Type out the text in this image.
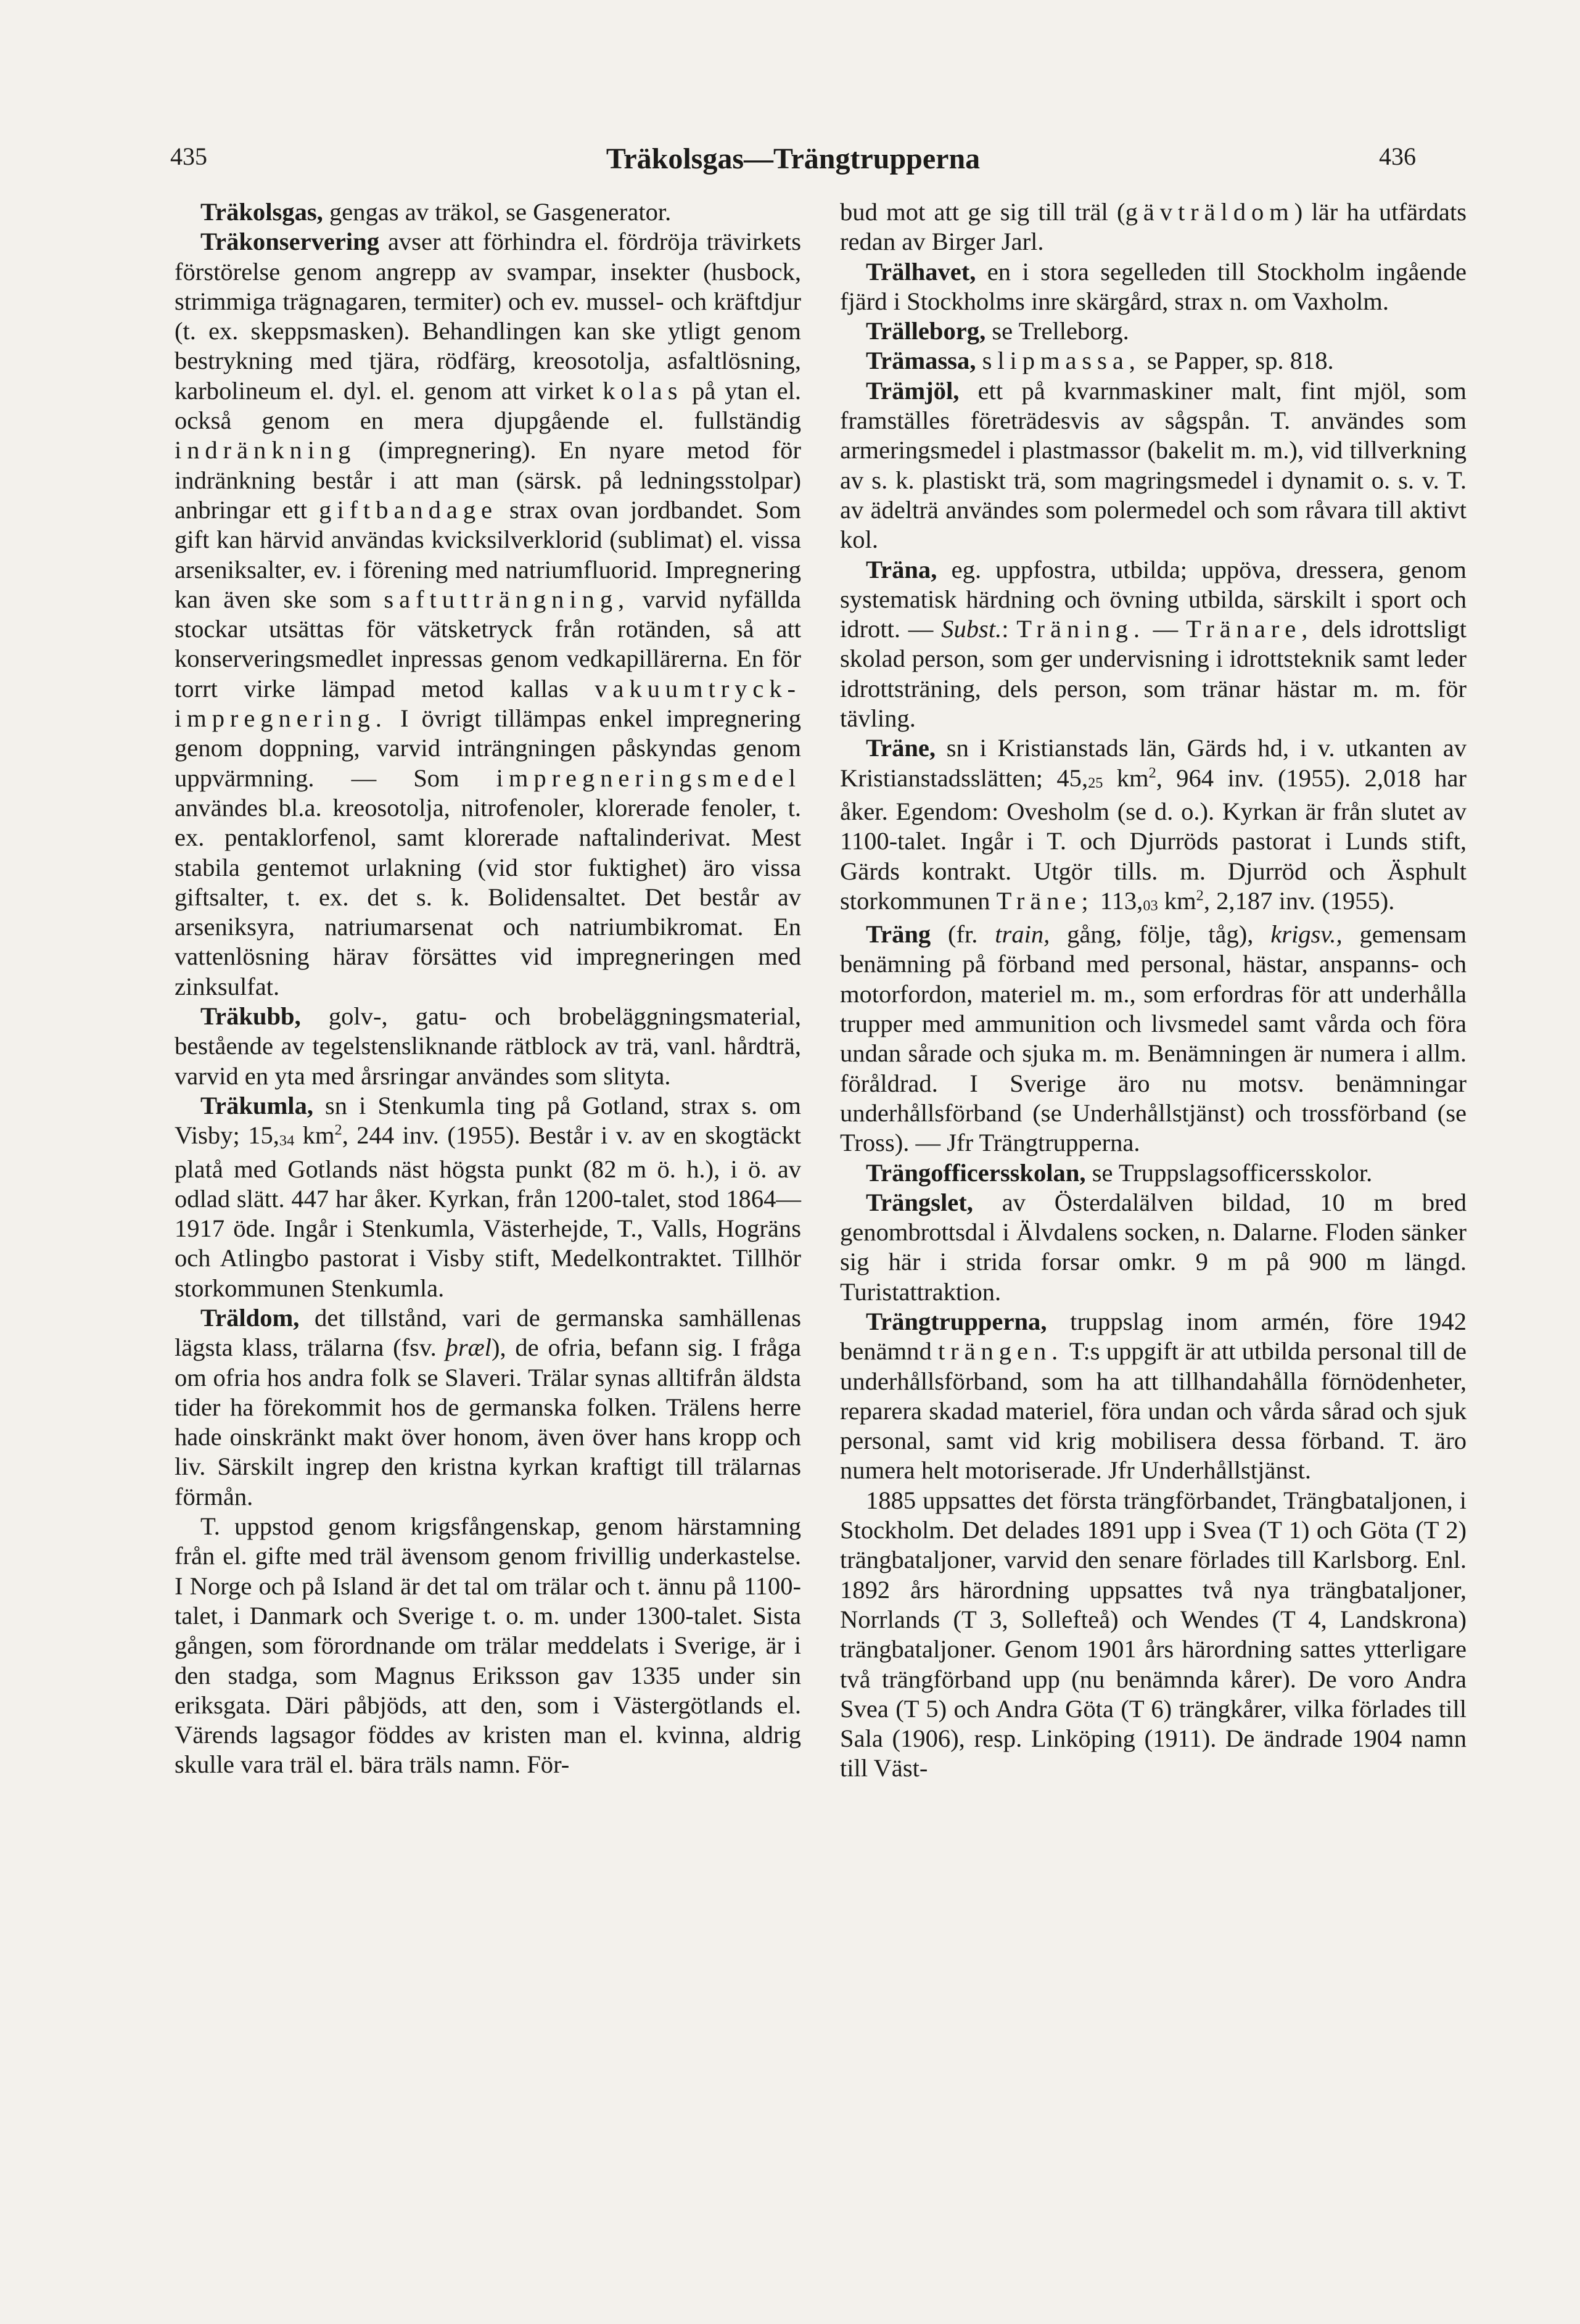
435	Träkolsgas—Trängtrupperna	436

Träkolsgas, gengas av träkol, se Gasgenerator.

Träkonservering avser att förhindra el. fördröja trävirkets förstörelse genom angrepp av svampar, insekter (husbock, strimmiga trägnagaren, termiter) och ev. mussel- och kräftdjur (t. ex. skeppsmasken). Behandlingen kan ske ytligt genom bestrykning med tjära, rödfärg, kreosotolja, asfaltlösning, karbolineum el. dyl. el. genom att virket kolas på ytan el. också genom en mera djupgående el. fullständig indränkning (impregnering). En nyare metod för indränkning består i att man (särsk. på ledningsstolpar) anbringar ett giftbandage strax ovan jordbandet. Som gift kan härvid användas kvicksilverklorid (sublimat) el. vissa arseniksalter, ev. i förening med natriumfluorid. Impregnering kan även ske som saftutträngning, varvid nyfällda stockar utsättas för vätsketryck från rotänden, så att konserveringsmedlet inpressas genom vedkapillärerna. En för torrt virke lämpad metod kallas vakuumtryck-impregnering. I övrigt tillämpas enkel impregnering genom doppning, varvid inträngningen påskyndas genom uppvärmning. — Som impregneringsmedel användes bl.a. kreosotolja, nitrofenoler, klorerade fenoler, t. ex. pentaklorfenol, samt klorerade naftalinderivat. Mest stabila gentemot urlakning (vid stor fuktighet) äro vissa giftsalter, t. ex. det s. k. Bolidensaltet. Det består av arseniksyra, natriumarsenat och natriumbikromat. En vattenlösning härav försättes vid impregneringen med zinksulfat.

Träkubb, golv-, gatu- och brobeläggningsmaterial, bestående av tegelstensliknande rätblock av trä, vanl. hårdträ, varvid en yta med årsringar användes som slityta.

Träkumla, sn i Stenkumla ting på Gotland, strax s. om Visby; $15,_{34}$ $km^2$, 244 inv. (1955). Består i v. av en skogtäckt platå med Gotlands näst högsta punkt (82 m ö. h.), i ö. av odlad slätt. 447 har åker. Kyrkan, från 1200-talet, stod 1864—1917 öde. Ingår i Stenkumla, Västerhejde, T., Valls, Hogräns och Atlingbo pastorat i Visby stift, Medelkontraktet. Tillhör storkommunen Stenkumla.

Träldom, det tillstånd, vari de germanska samhällenas lägsta klass, trälarna (fsv. þræl), de ofria, befann sig. I fråga om ofria hos andra folk se Slaveri. Trälar synas alltifrån äldsta tider ha förekommit hos de germanska folken. Trälens herre hade oinskränkt makt över honom, även över hans kropp och liv. Särskilt ingrep den kristna kyrkan kraftigt till trälarnas förmån.

T. uppstod genom krigsfångenskap, genom härstamning från el. gifte med träl ävensom genom frivillig underkastelse. I Norge och på Island är det tal om trälar och t. ännu på 1100-talet, i Danmark och Sverige t. o. m. under 1300-talet. Sista gången, som förordnande om trälar meddelats i Sverige, är i den stadga, som Magnus Eriksson gav 1335 under sin eriksgata. Däri påbjöds, att den, som i Västergötlands el. Värends lagsagor föddes av kristen man el. kvinna, aldrig skulle vara träl el. bära träls namn. För-

bud mot att ge sig till träl (gävträldom) lär ha utfärdats redan av Birger Jarl.

Trälhavet, en i stora segelleden till Stockholm ingående fjärd i Stockholms inre skärgård, strax n. om Vaxholm.

Trälleborg, se Trelleborg.

Trämassa, slipmassa, se Papper, sp. 818.

Trämjöl, ett på kvarnmaskiner malt, fint mjöl, som framställes företrädesvis av sågspån. T. användes som armeringsmedel i plastmassor (bakelit m. m.), vid tillverkning av s. k. plastiskt trä, som magringsmedel i dynamit o. s. v. T. av ädelträ användes som polermedel och som råvara till aktivt kol.

Träna, eg. uppfostra, utbilda; uppöva, dressera, genom systematisk härdning och övning utbilda, särskilt i sport och idrott. — Subst.: Träning. — Tränare, dels idrottsligt skolad person, som ger undervisning i idrottsteknik samt leder idrottsträning, dels person, som tränar hästar m. m. för tävling.

Träne, sn i Kristianstads län, Gärds hd, i v. utkanten av Kristianstadsslätten; $45,_{25}$ $km^2$, 964 inv. (1955). 2,018 har åker. Egendom: Ovesholm (se d. o.). Kyrkan är från slutet av 1100-talet. Ingår i T. och Djurröds pastorat i Lunds stift, Gärds kontrakt. Utgör tills. m. Djurröd och Äsphult storkommunen Träne; $113,_{03}$ $km^2$, 2,187 inv. (1955).

Träng (fr. train, gång, följe, tåg), krigsv., gemensam benämning på förband med personal, hästar, anspanns- och motorfordon, materiel m. m., som erfordras för att underhålla trupper med ammunition och livsmedel samt vårda och föra undan sårade och sjuka m. m. Benämningen är numera i allm. föråldrad. I Sverige äro nu motsv. benämningar underhållsförband (se Underhållstjänst) och trossförband (se Tross). — Jfr Trängtrupperna.

Trängofficersskolan, se Truppslagsofficersskolor.

Trängslet, av Österdalälven bildad, 10 m bred genombrottsdal i Älvdalens socken, n. Dalarne. Floden sänker sig här i strida forsar omkr. 9 m på 900 m längd. Turistattraktion.

Trängtrupperna, truppslag inom armén, före 1942 benämnd trängen. T:s uppgift är att utbilda personal till de underhållsförband, som ha att tillhandahålla förnödenheter, reparera skadad materiel, föra undan och vårda sårad och sjuk personal, samt vid krig mobilisera dessa förband. T. äro numera helt motoriserade. Jfr Underhållstjänst.

1885 uppsattes det första trängförbandet, Trängbataljonen, i Stockholm. Det delades 1891 upp i Svea (T 1) och Göta (T 2) trängbataljoner, varvid den senare förlades till Karlsborg. Enl. 1892 års härordning uppsattes två nya trängbataljoner, Norrlands (T 3, Sollefteå) och Wendes (T 4, Landskrona) trängbataljoner. Genom 1901 års härordning sattes ytterligare två trängförband upp (nu benämnda kårer). De voro Andra Svea (T 5) och Andra Göta (T 6) trängkårer, vilka förlades till Sala (1906), resp. Linköping (1911). De ändrade 1904 namn till Väst-
